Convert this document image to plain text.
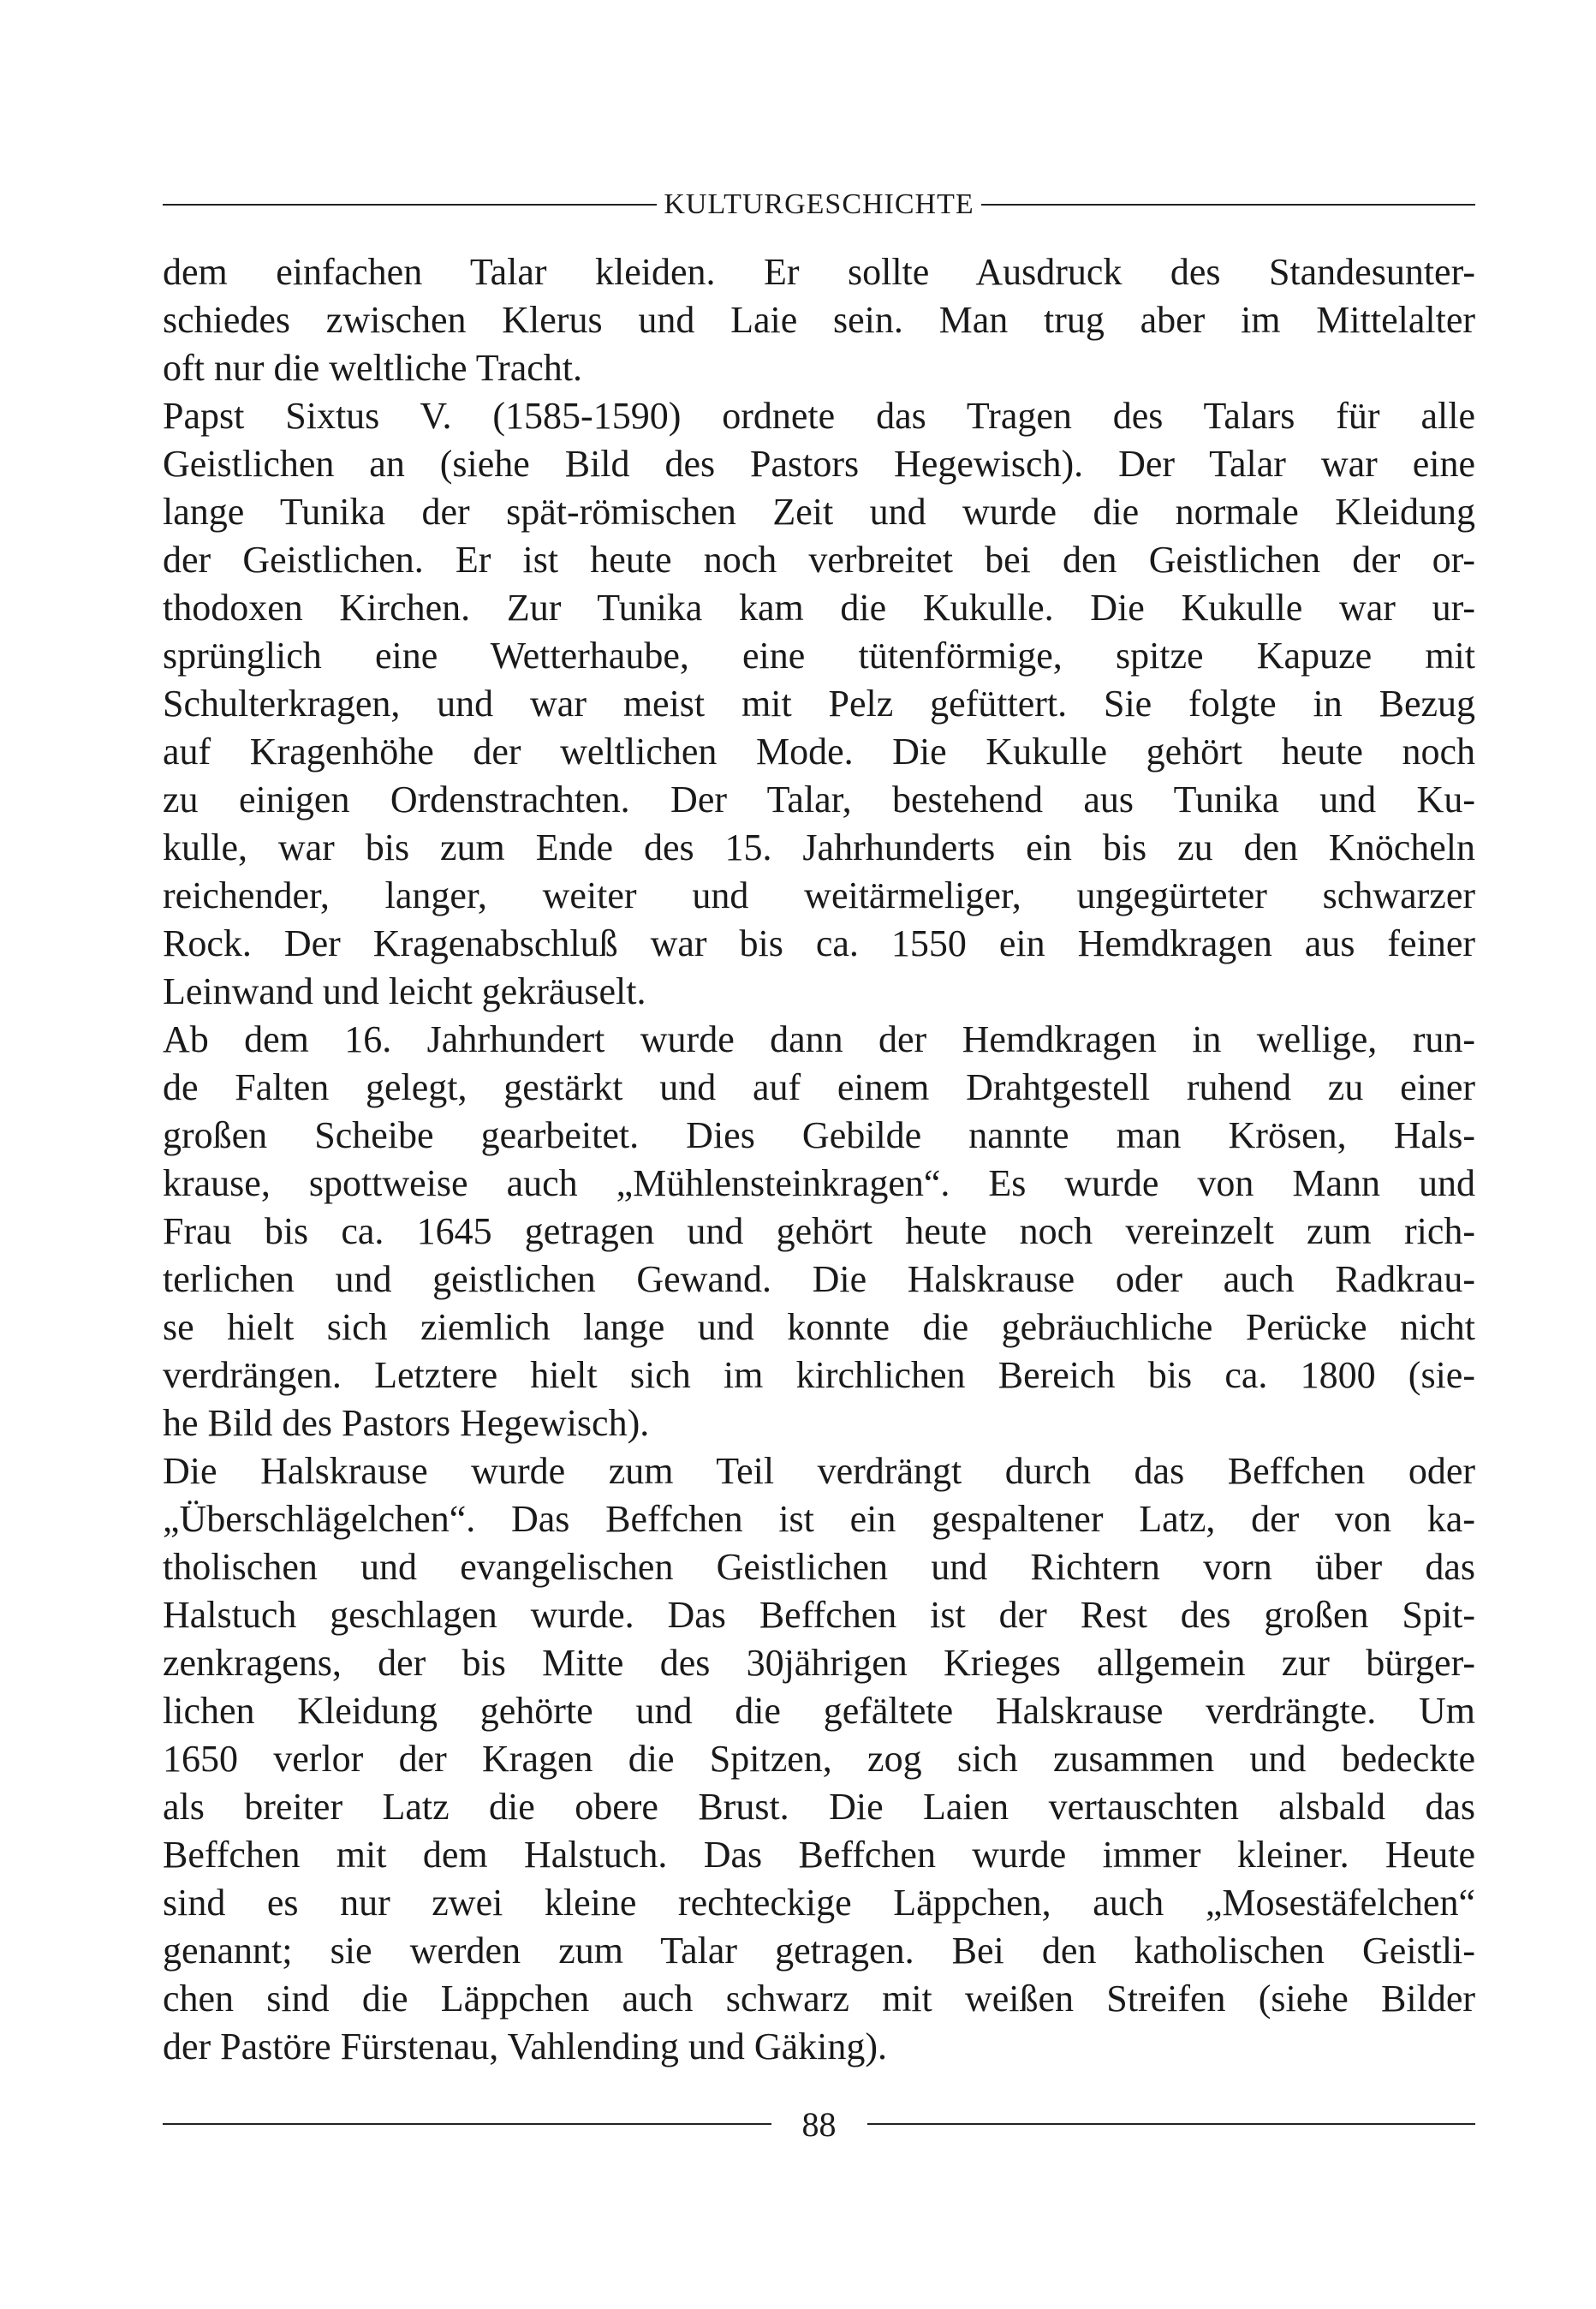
KULTURGESCHICHTE

dem einfachen Talar kleiden. Er sollte Ausdruck des Standesunter-
schiedes zwischen Klerus und Laie sein. Man trug aber im Mittelalter
oft nur die weltliche Tracht.

Papst Sixtus V. (1585-1590) ordnete das Tragen des Talars für alle
Geistlichen an (siehe Bild des Pastors Hegewisch). Der Talar war eine
lange Tunika der spät-römischen Zeit und wurde die normale Kleidung
der Geistlichen. Er ist heute noch verbreitet bei den Geistlichen der or-
thodoxen Kirchen. Zur Tunika kam die Kukulle. Die Kukulle war ur-
sprünglich eine Wetterhaube, eine tütenförmige, spitze Kapuze mit
Schulterkragen, und war meist mit Pelz gefüttert. Sie folgte in Bezug
auf Kragenhöhe der weltlichen Mode. Die Kukulle gehört heute noch
zu einigen Ordenstrachten. Der Talar, bestehend aus Tunika und Ku-
kulle, war bis zum Ende des 15. Jahrhunderts ein bis zu den Knöcheln
reichender, langer, weiter und weitärmeliger, ungegürteter schwarzer
Rock. Der Kragenabschluß war bis ca. 1550 ein Hemdkragen aus feiner
Leinwand und leicht gekräuselt.

Ab dem 16. Jahrhundert wurde dann der Hemdkragen in wellige, run-
de Falten gelegt, gestärkt und auf einem Drahtgestell ruhend zu einer
großen Scheibe gearbeitet. Dies Gebilde nannte man Krösen, Hals-
krause, spottweise auch „Mühlensteinkragen“. Es wurde von Mann und
Frau bis ca. 1645 getragen und gehört heute noch vereinzelt zum rich-
terlichen und geistlichen Gewand. Die Halskrause oder auch Radkrau-
se hielt sich ziemlich lange und konnte die gebräuchliche Perücke nicht
verdrängen. Letztere hielt sich im kirchlichen Bereich bis ca. 1800 (sie-
he Bild des Pastors Hegewisch).

Die Halskrause wurde zum Teil verdrängt durch das Beffchen oder
„Überschlägelchen“. Das Beffchen ist ein gespaltener Latz, der von ka-
tholischen und evangelischen Geistlichen und Richtern vorn über das
Halstuch geschlagen wurde. Das Beffchen ist der Rest des großen Spit-
zenkragens, der bis Mitte des 30jährigen Krieges allgemein zur bürger-
lichen Kleidung gehörte und die gefältete Halskrause verdrängte. Um
1650 verlor der Kragen die Spitzen, zog sich zusammen und bedeckte
als breiter Latz die obere Brust. Die Laien vertauschten alsbald das
Beffchen mit dem Halstuch. Das Beffchen wurde immer kleiner. Heute
sind es nur zwei kleine rechteckige Läppchen, auch „Mosestäfelchen“
genannt; sie werden zum Talar getragen. Bei den katholischen Geistli-
chen sind die Läppchen auch schwarz mit weißen Streifen (siehe Bilder
der Pastöre Fürstenau, Vahlending und Gäking).

88
